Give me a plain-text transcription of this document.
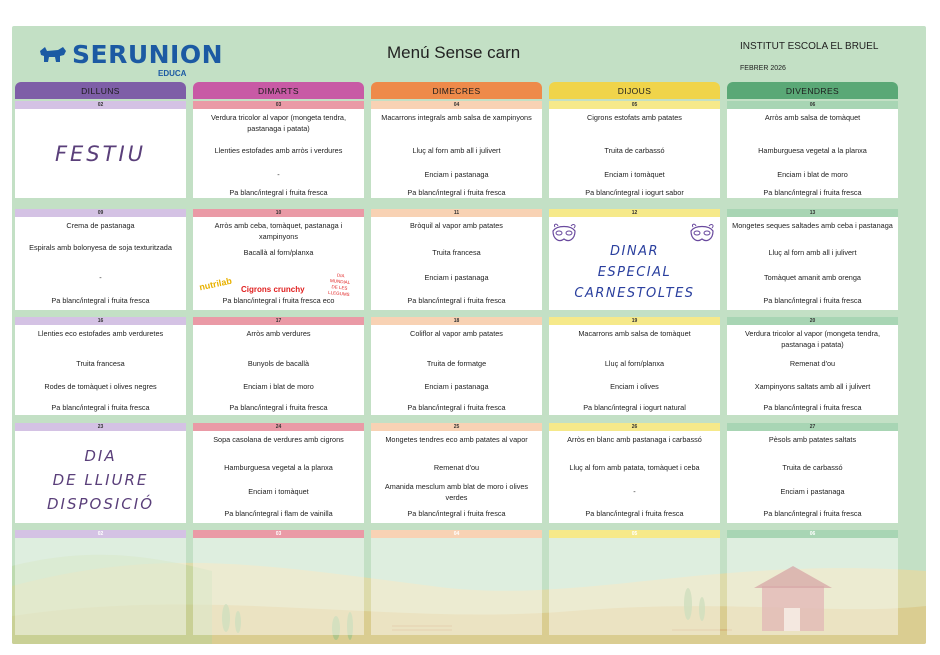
SERUNION
EDUCA
Menú Sense carn	INSTITUT ESCOLA EL BRUEL
FEBRER 2026
DILLUNS
02
FESTIU
09
Crema de pastanaga
Espirals amb bolonyesa de soja texturitzada
-
Pa blanc/integral i fruita fresca
16
Llenties eco estofades amb verduretes
Truita francesa
Rodes de tomàquet i olives negres
Pa blanc/integral i fruita fresca
23
DIA
DE LLIURE
DISPOSICIÓ
02
DIMARTS
03
Verdura tricolor al vapor (mongeta tendra, pastanaga i patata)
Llenties estofades amb arròs i verdures
-
Pa blanc/integral i fruita fresca
10
Arròs amb ceba, tomàquet, pastanaga i xampinyons
Bacallà al forn/planxa
Pa blanc/integral i fruita fresca eco
nutrilab Cigrons crunchy
DIA
MUNDIAL
DE LES
LLEGUMS
17
Arròs amb verdures
Bunyols de bacallà
Enciam i blat de moro
Pa blanc/integral i fruita fresca
24
Sopa casolana de verdures amb cigrons
Hamburguesa vegetal a la planxa
Enciam i tomàquet
Pa blanc/integral i flam de vainilla
03
DIMECRES
04
Macarrons integrals amb salsa de xampinyons
Lluç al forn amb all i julivert
Enciam i pastanaga
Pa blanc/integral i fruita fresca
11
Bròquil al vapor amb patates
Truita francesa
Enciam i pastanaga
Pa blanc/integral i fruita fresca
18
Coliflor al vapor amb patates
Truita de formatge
Enciam i pastanaga
Pa blanc/integral i fruita fresca
25
Mongetes tendres eco amb patates al vapor
Remenat d'ou
Amanida mesclum amb blat de moro i olives verdes
Pa blanc/integral i fruita fresca
04
DIJOUS
05
Cigrons estofats amb patates
Truita de carbassó
Enciam i tomàquet
Pa blanc/integral i iogurt sabor
12
DINAR
ESPECIAL
CARNESTOLTES
19
Macarrons amb salsa de tomàquet
Lluç al forn/planxa
Enciam i olives
Pa blanc/integral i iogurt natural
26
Arròs en blanc amb pastanaga i carbassó
Lluç al forn amb patata, tomàquet i ceba
-
Pa blanc/integral i fruita fresca
05
DIVENDRES
06
Arròs amb salsa de tomàquet
Hamburguesa vegetal a la planxa
Enciam i blat de moro
Pa blanc/integral i fruita fresca
13
Mongetes seques saltades amb ceba i pastanaga
Lluç al forn amb all i julivert
Tomàquet amanit amb orenga
Pa blanc/integral i fruita fresca
20
Verdura tricolor al vapor (mongeta tendra, pastanaga i patata)
Remenat d'ou
Xampinyons saltats amb all i julivert
Pa blanc/integral i fruita fresca
27
Pèsols amb patates saltats
Truita de carbassó
Enciam i pastanaga
Pa blanc/integral i fruita fresca
06
